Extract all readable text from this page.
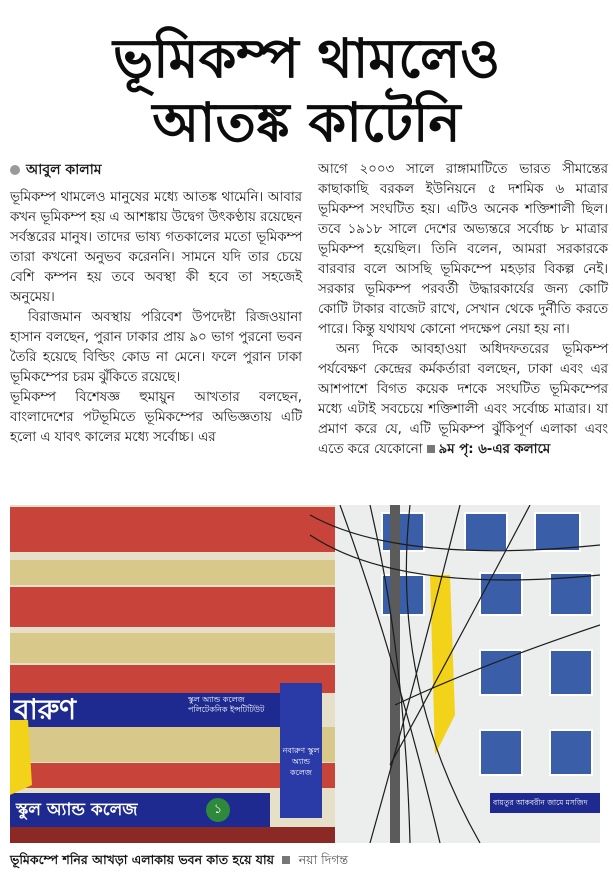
ভূমিকম্প থামলেও
আতঙ্ক কাটেনি
আবুল কালাম

ভূমিকম্প থামলেও মানুষের মধ্যে আতঙ্ক থামেনি। আবার কখন ভূমিকম্প হয় এ আশঙ্কায় উদ্বেগ উৎকণ্ঠায় রয়েছেন সর্বস্তরের মানুষ। তাদের ভাষ্য গতকালের মতো ভূমিকম্প তারা কখনো অনুভব করেননি। সামনে যদি তার চেয়ে বেশি কম্পন হয় তবে অবস্থা কী হবে তা সহজেই অনুমেয়।

বিরাজমান অবস্থায় পরিবেশ উপদেষ্টা রিজওয়ানা হাসান বলছেন, পুরান ঢাকার প্রায় ৯০ ভাগ পুরনো ভবন তৈরি হয়েছে বিল্ডিং কোড না মেনে। ফলে পুরান ঢাকা ভূমিকম্পের চরম ঝুঁকিতে রয়েছে।

ভূমিকম্প বিশেষজ্ঞ হুমায়ুন আখতার বলছেন, বাংলাদেশের পটভূমিতে ভূমিকম্পের অভিজ্ঞতায় এটি হলো এ যাবৎ কালের মধ্যে সর্বোচ্চ। এর

আগে ২০০৩ সালে রাঙ্গামাটিতে ভারত সীমান্তের কাছাকাছি বরকল ইউনিয়নে ৫ দশমিক ৬ মাত্রার ভূমিকম্প সংঘটিত হয়। এটিও অনেক শক্তিশালী ছিল। তবে ১৯১৮ সালে দেশের অভ্যন্তরে সর্বোচ্চ ৮ মাত্রার ভূমিকম্প হয়েছিল। তিনি বলেন, আমরা সরকারকে বারবার বলে আসছি ভূমিকম্পে মহড়ার বিকল্প নেই। সরকার ভূমিকম্প পরবর্তী উদ্ধারকার্যের জন্য কোটি কোটি টাকার বাজেট রাখে, সেখান থেকে দুর্নীতি করতে পারে। কিন্তু যথাযথ কোনো পদক্ষেপ নেয়া হয় না।

অন্য দিকে আবহাওয়া অধিদফতরের ভূমিকম্প পর্যবেক্ষণ কেন্দ্রের কর্মকর্তারা বলছেন, ঢাকা এবং এর আশপাশে বিগত কয়েক দশকে সংঘটিত ভূমিকম্পের মধ্যে এটাই সবচেয়ে শক্তিশালী এবং সর্বোচ্চ মাত্রার। যা প্রমাণ করে যে, এটি ভূমিকম্প ঝুঁকিপূর্ণ এলাকা এবং এতে করে যেকোনো ৯ম পৃ: ৬-এর কলামে

বারুণ	স্কুল অ্যান্ড কলেজ
পলিটেকনিক ইন্সটিটিউট
স্কুল অ্যান্ড কলেজ	১
নবারুণ স্কুল অ্যান্ড কলেজ
বায়তুর আকবরীন জামে মসজিদ
ভূমিকম্পে শনির আখড়া এলাকায় ভবন কাত হয়ে যায় নয়া দিগন্ত
